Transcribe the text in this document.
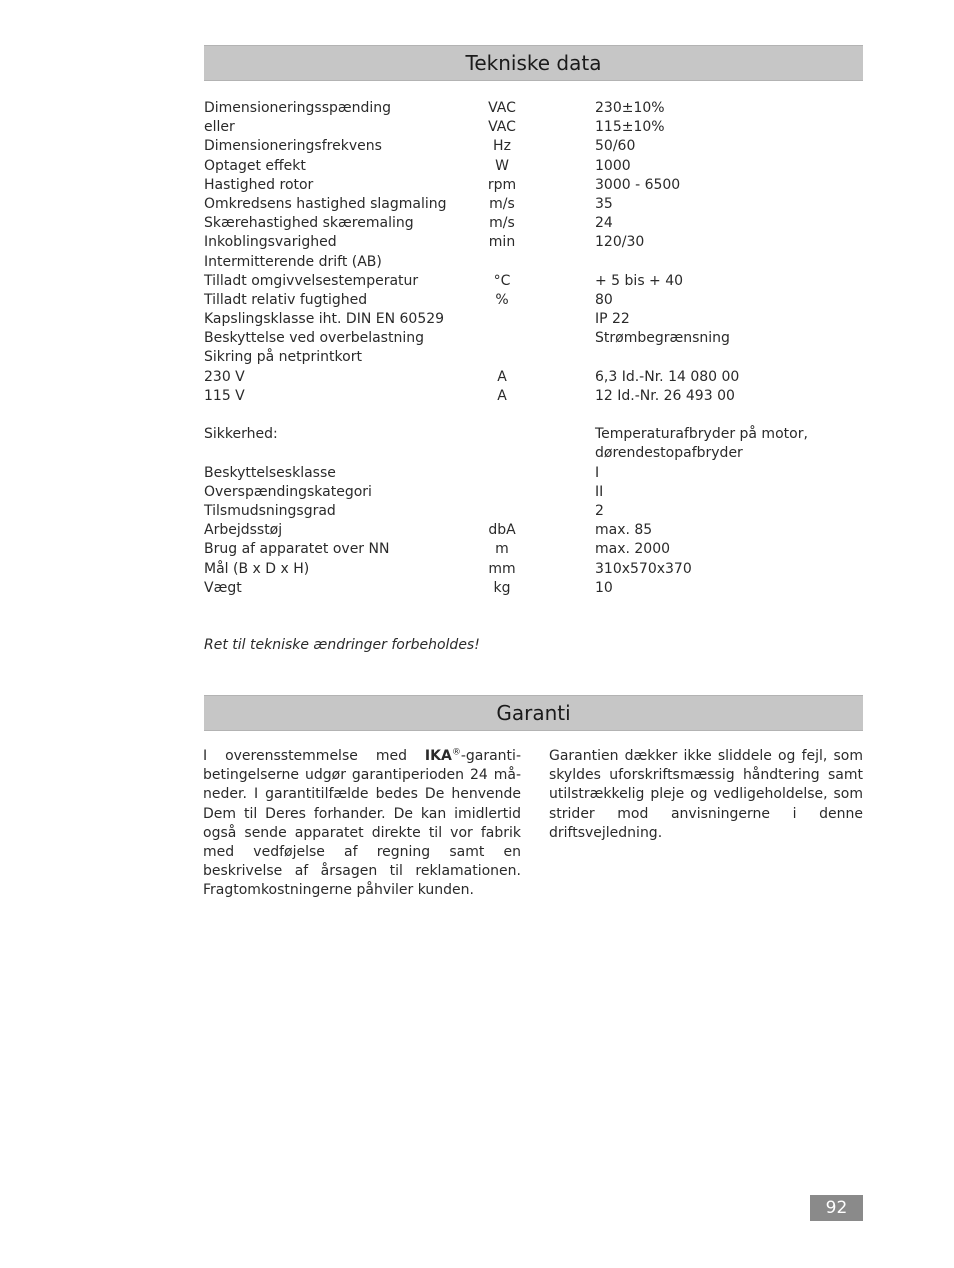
Tekniske data
Dimensioneringsspænding	VAC	230±10%
eller	VAC	115±10%
Dimensioneringsfrekvens	Hz	50/60
Optaget effekt	W	1000
Hastighed rotor	rpm	3000 - 6500
Omkredsens hastighed slagmaling	m/s	35
Skærehastighed skæremaling	m/s	24
Inkoblingsvarighed	min	120/30
Intermitterende drift (AB)
Tilladt omgivvelsestemperatur	°C	+ 5 bis + 40
Tilladt relativ fugtighed	%	80
Kapslingsklasse iht. DIN EN 60529	IP 22
Beskyttelse ved overbelastning	Strømbegrænsning
Sikring på netprintkort
230 V	A	6,3 Id.-Nr. 14 080 00
115 V	A	12 Id.-Nr. 26 493 00
Sikkerhed:	Temperaturafbryder på motor,
dørendestopafbryder
Beskyttelsesklasse	I
Overspændingskategori	II
Tilsmudsningsgrad	2
Arbejdsstøj	dbA	max. 85
Brug af apparatet over NN	m	max. 2000
Mål (B x D x H)	mm	310x570x370
Vægt	kg	10
Ret til tekniske ændringer forbeholdes!
Garanti
I overensstemmelse med IKA®-garantibetingelserne udgør garantiperioden 24 måneder. I garantitilfælde bedes De henvende Dem til Deres forhander. De kan imidlertid også sende apparatet direkte til vor fabrik med vedføjelse af regning samt en beskrivelse af årsagen til reklamationen. Fragtomkostningerne påhviler kunden.
Garantien dækker ikke sliddele og fejl, som skyldes uforskriftsmæssig håndtering samt utilstrækkelig pleje og vedligeholdelse, som strider mod anvisningerne i denne driftsvejledning.
92
